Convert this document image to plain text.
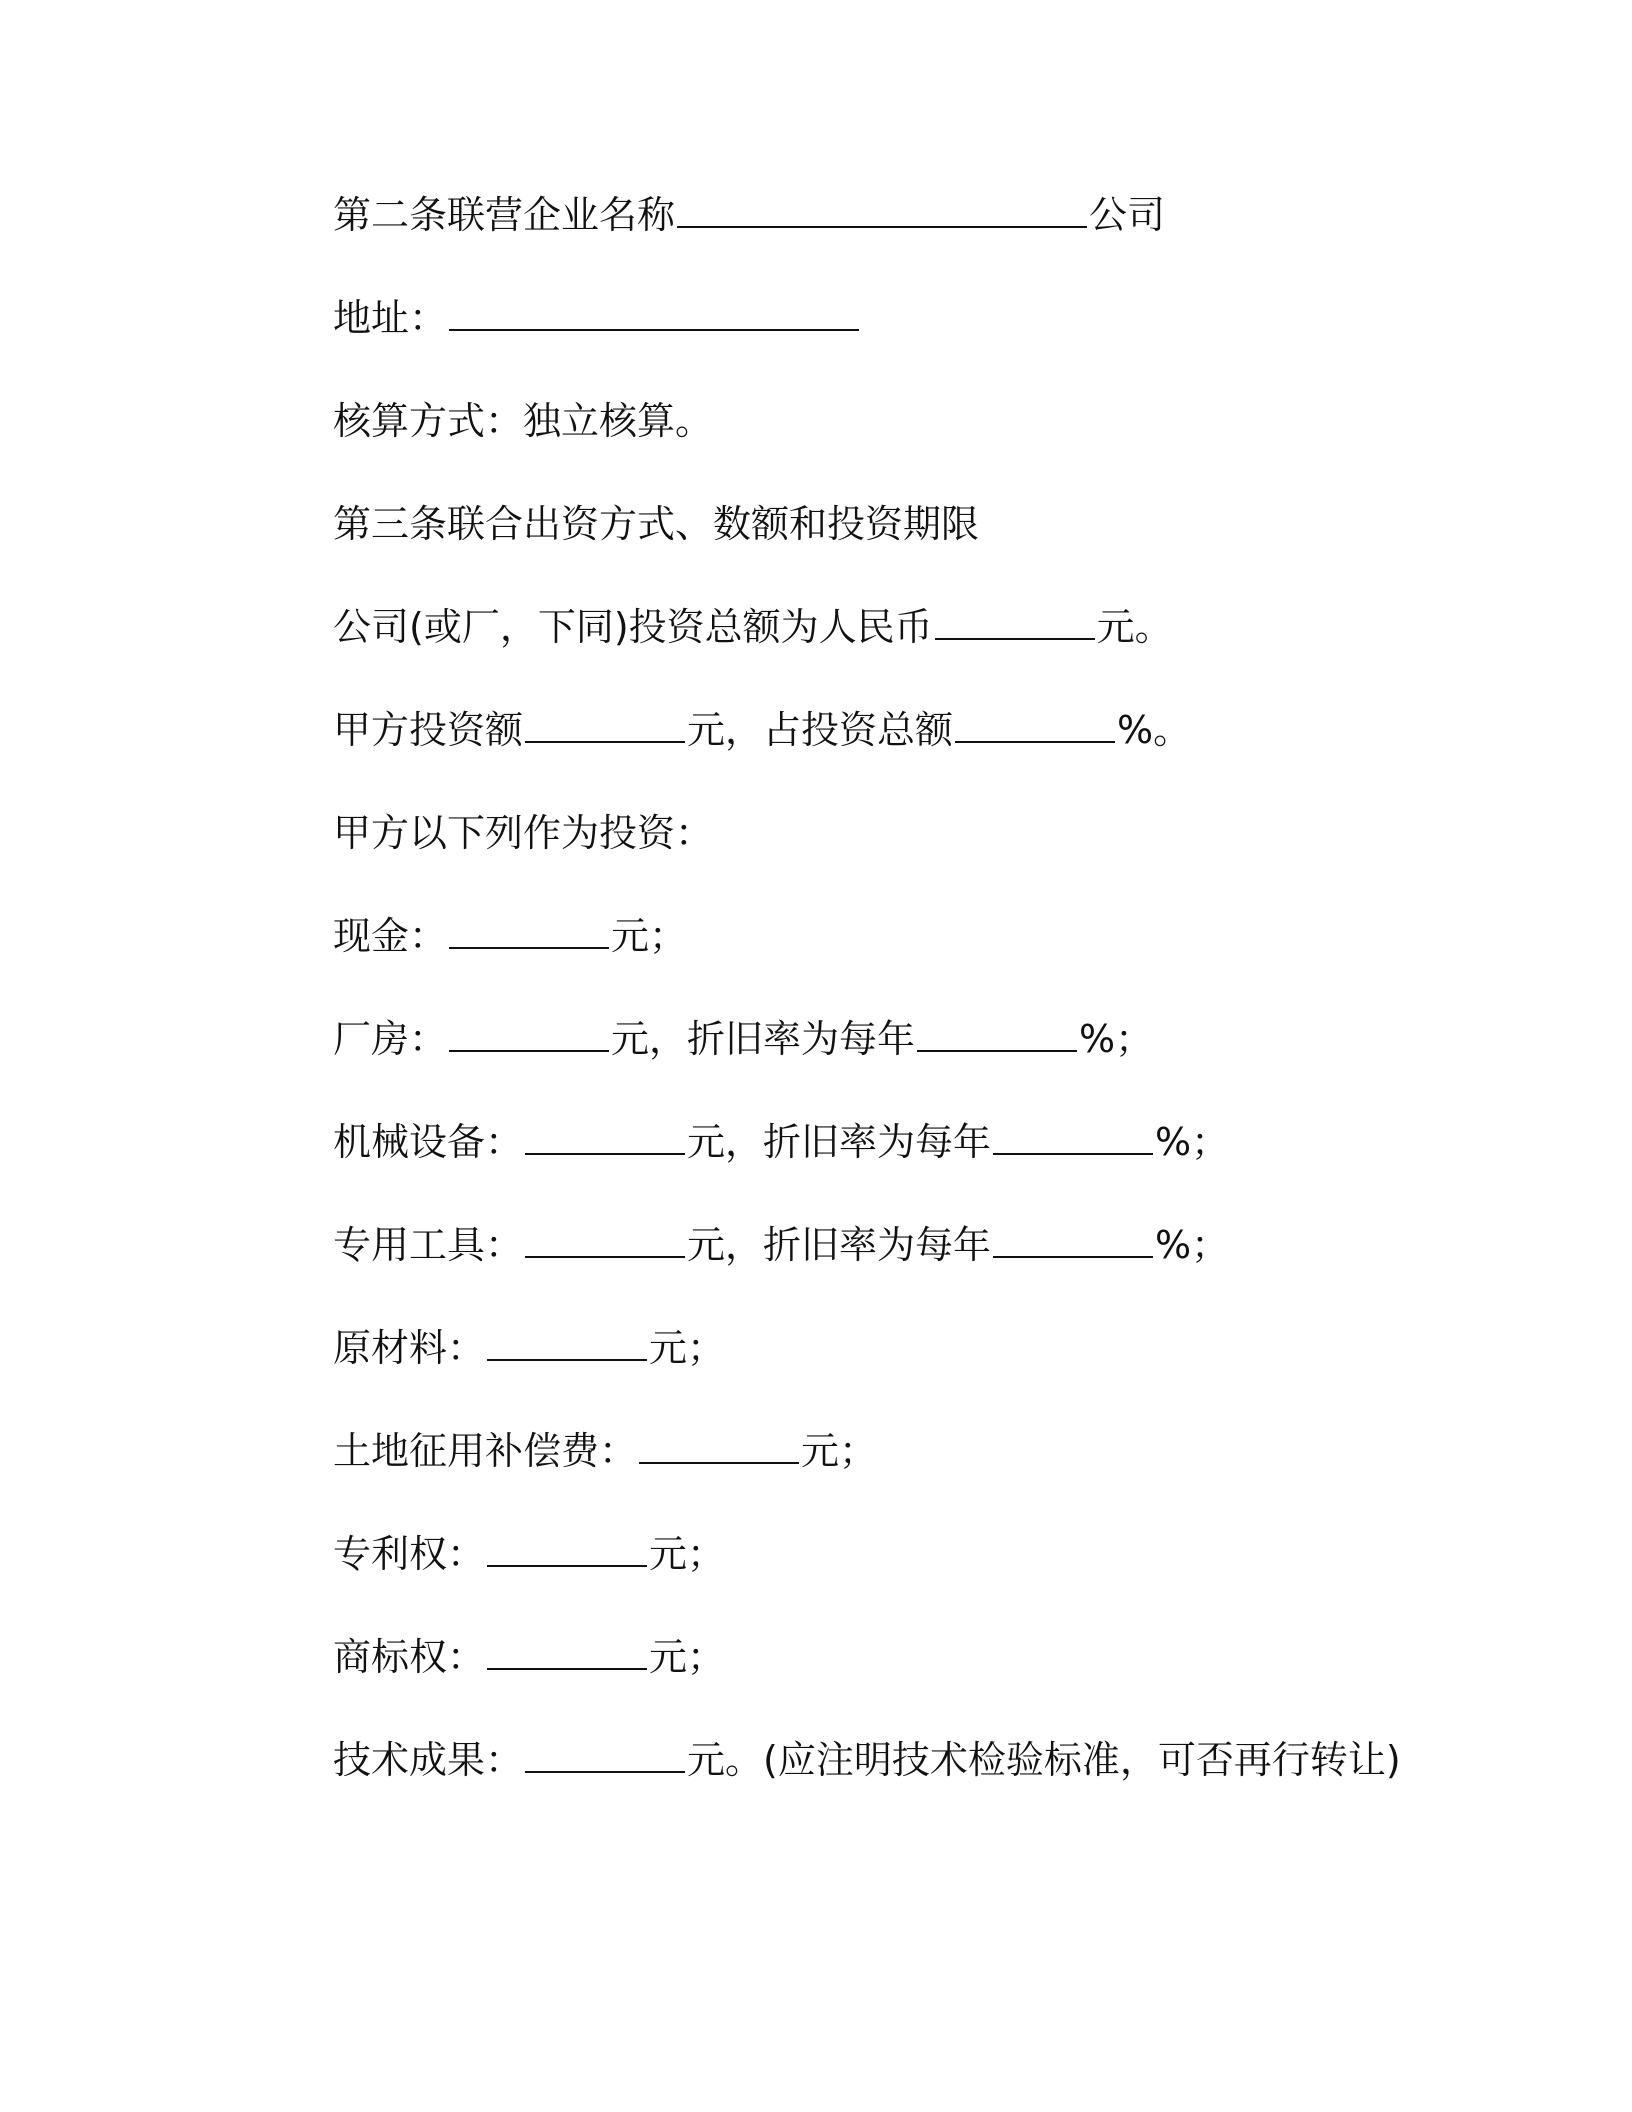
第二条联营企业名称	公司
地址：
核算方式：独立核算。
第三条联合出资方式、数额和投资期限
公司(或厂，下同)投资总额为人民币	元。
甲方投资额	元，占投资总额	%。
甲方以下列作为投资：
现金：	元；
厂房：	元，折旧率为每年	%；
机械设备：	元，折旧率为每年	%；
专用工具：	元，折旧率为每年	%；
原材料：	元；
土地征用补偿费：	元；
专利权：	元；
商标权：	元；
技术成果：	元。(应注明技术检验标准，可否再行转让)
